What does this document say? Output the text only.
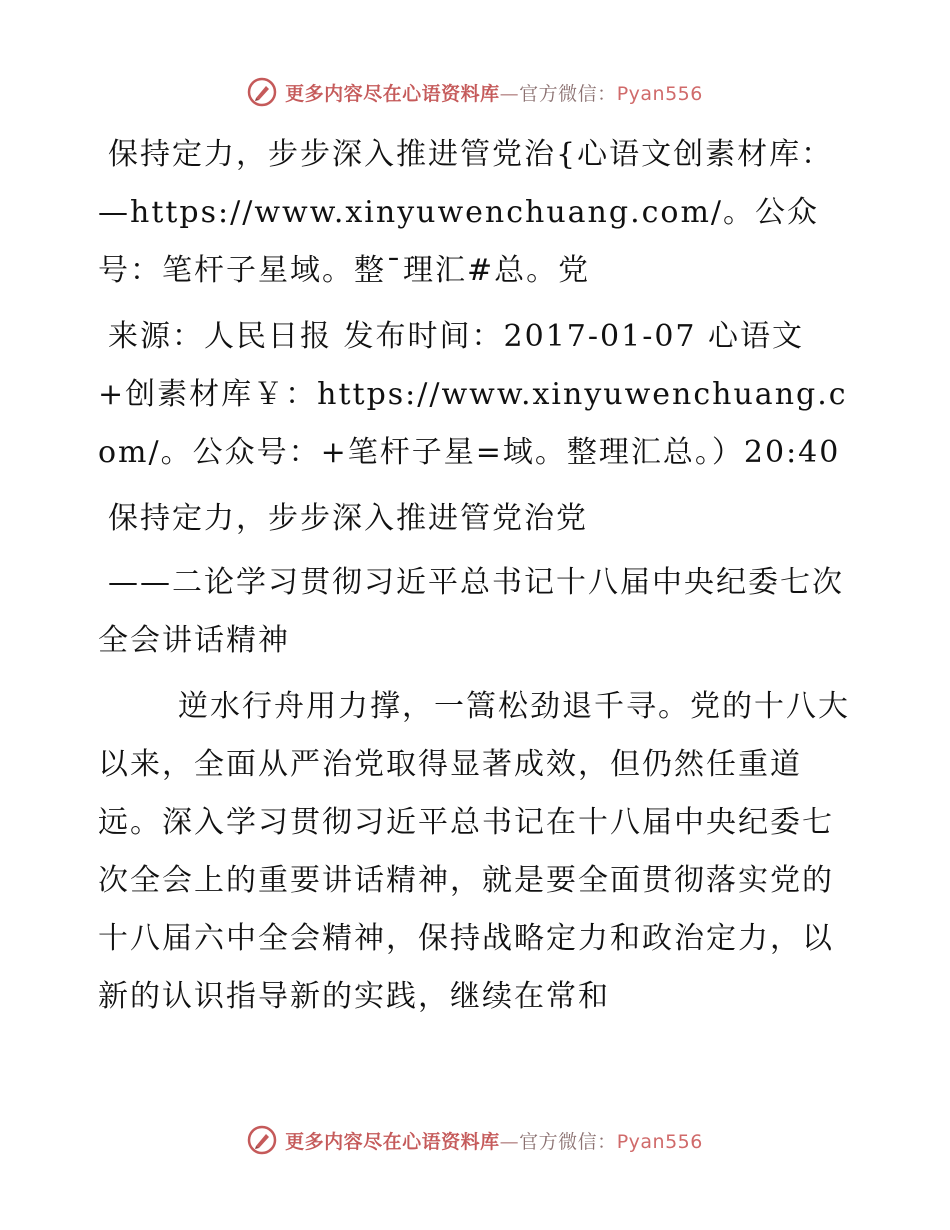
更多内容尽在心语资料库—官方微信：Pyan556

保持定力，步步深入推进管党治{心语文创素材库：—https://www.xinyuwenchuang.com/。公众号：笔杆子星域。整¯理汇#总。党

来源：人民日报 发布时间：2017-01-07 心语文+创素材库￥：https://www.xinyuwenchuang.com/。公众号：+笔杆子星=域。整理汇总。）20:40

保持定力，步步深入推进管党治党

——二论学习贯彻习近平总书记十八届中央纪委七次全会讲话精神

逆水行舟用力撑，一篙松劲退千寻。党的十八大以来，全面从严治党取得显著成效，但仍然任重道远。深入学习贯彻习近平总书记在十八届中央纪委七次全会上的重要讲话精神，就是要全面贯彻落实党的十八届六中全会精神，保持战略定力和政治定力，以新的认识指导新的实践，继续在常和

更多内容尽在心语资料库—官方微信：Pyan556
